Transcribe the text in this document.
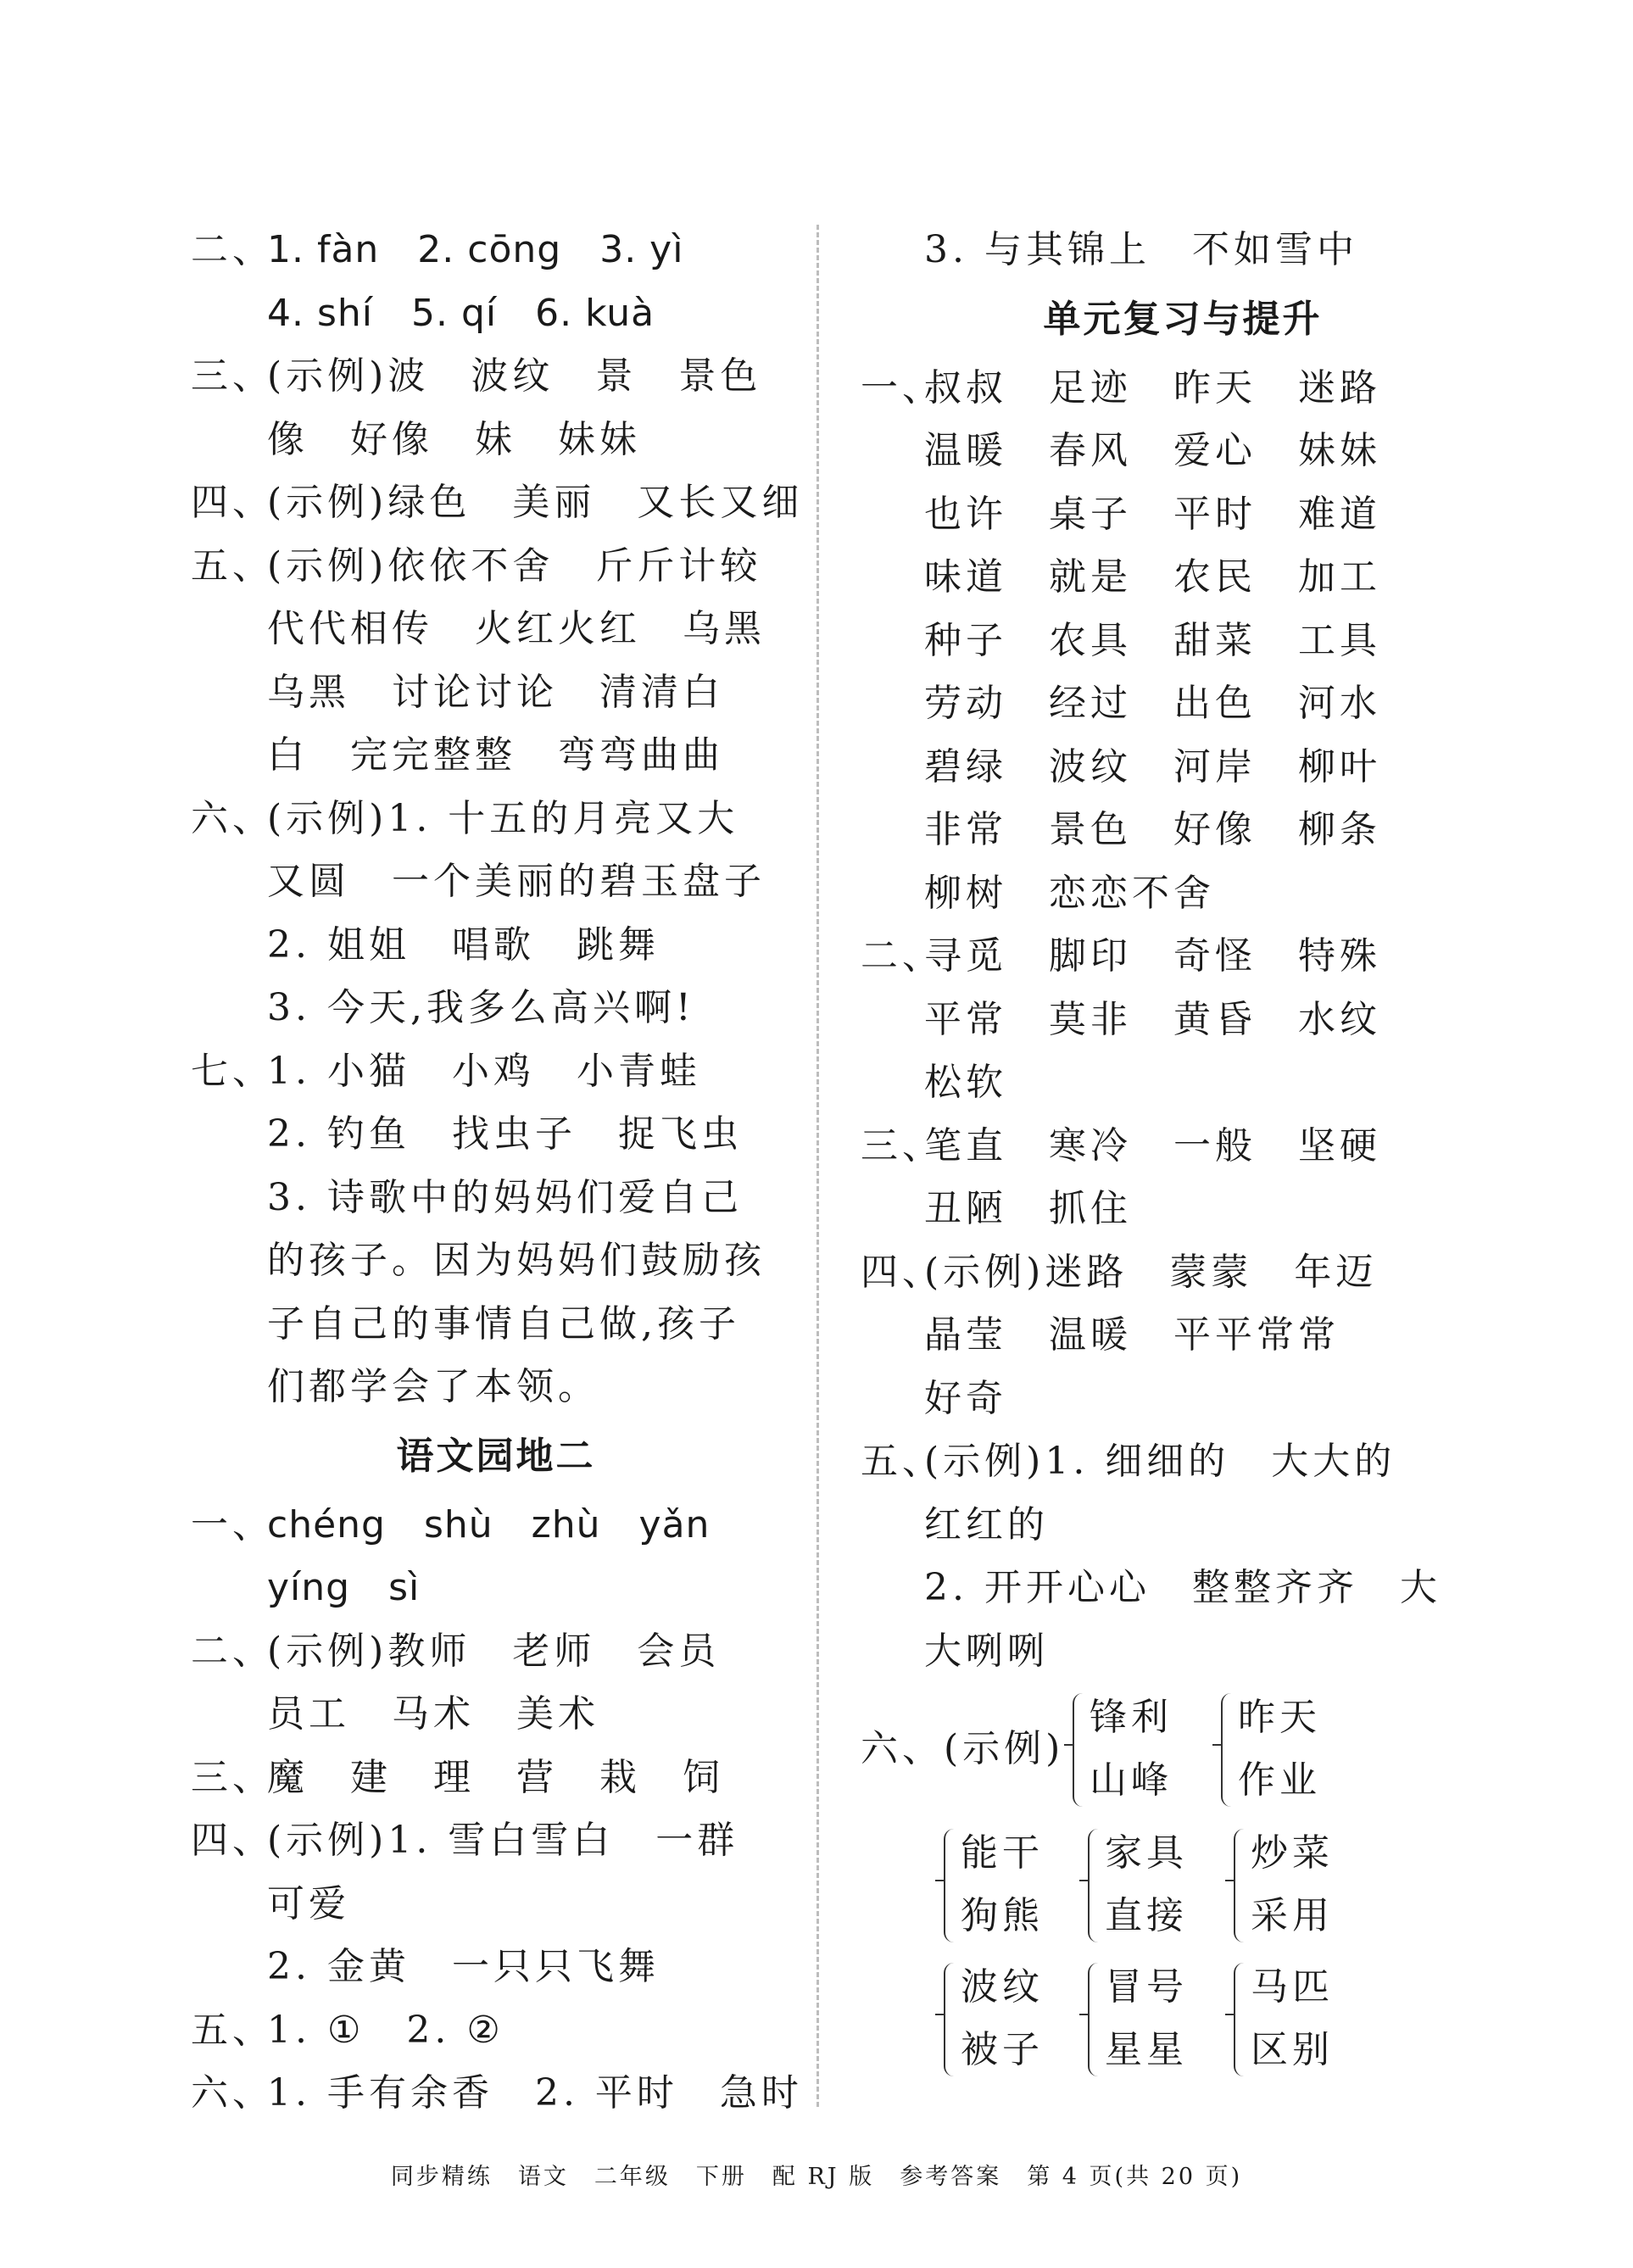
二、
1. fàn　2. cōng　3. yì
4. shí　5. qí　6. kuà
三、
(示例)波　波纹　景　景色
像　好像　妹　妹妹
四、
(示例)绿色　美丽　又长又细
五、
(示例)依依不舍　斤斤计较
代代相传　火红火红　乌黑
乌黑　讨论讨论　清清白
白　完完整整　弯弯曲曲
六、
(示例)1. 十五的月亮又大
又圆　一个美丽的碧玉盘子
2. 姐姐　唱歌　跳舞
3. 今天,我多么高兴啊!
七、
1. 小猫　小鸡　小青蛙
2. 钓鱼　找虫子　捉飞虫
3. 诗歌中的妈妈们爱自己
的孩子。因为妈妈们鼓励孩
子自己的事情自己做,孩子
们都学会了本领。
语文园地二
一、
chéng　shù　zhù　yǎn
yíng　sì
二、
(示例)教师　老师　会员
员工　马术　美术
三、
魔　建　理　营　栽　饲
四、
(示例)1. 雪白雪白　一群
可爱
2. 金黄　一只只飞舞
五、
1. ①　2. ②
六、
1. 手有余香　2. 平时　急时
3. 与其锦上　不如雪中
单元复习与提升
一、
叔叔　足迹　昨天　迷路
温暖　春风　爱心　妹妹
也许　桌子　平时　难道
味道　就是　农民　加工
种子　农具　甜菜　工具
劳动　经过　出色　河水
碧绿　波纹　河岸　柳叶
非常　景色　好像　柳条
柳树　恋恋不舍
二、
寻觅　脚印　奇怪　特殊
平常　莫非　黄昏　水纹
松软
三、
笔直　寒冷　一般　坚硬
丑陋　抓住
四、
(示例)迷路　蒙蒙　年迈
晶莹　温暖　平平常常
好奇
五、
(示例)1. 细细的　大大的
红红的
2. 开开心心　整整齐齐　大
大咧咧
六、(示例)
锋利
山峰
昨天
作业
能干
狗熊
家具
直接
炒菜
采用
波纹
被子
冒号
星星
马匹
区别
同步精练　语文　二年级　下册　配 RJ 版　参考答案　第 4 页(共 20 页)
